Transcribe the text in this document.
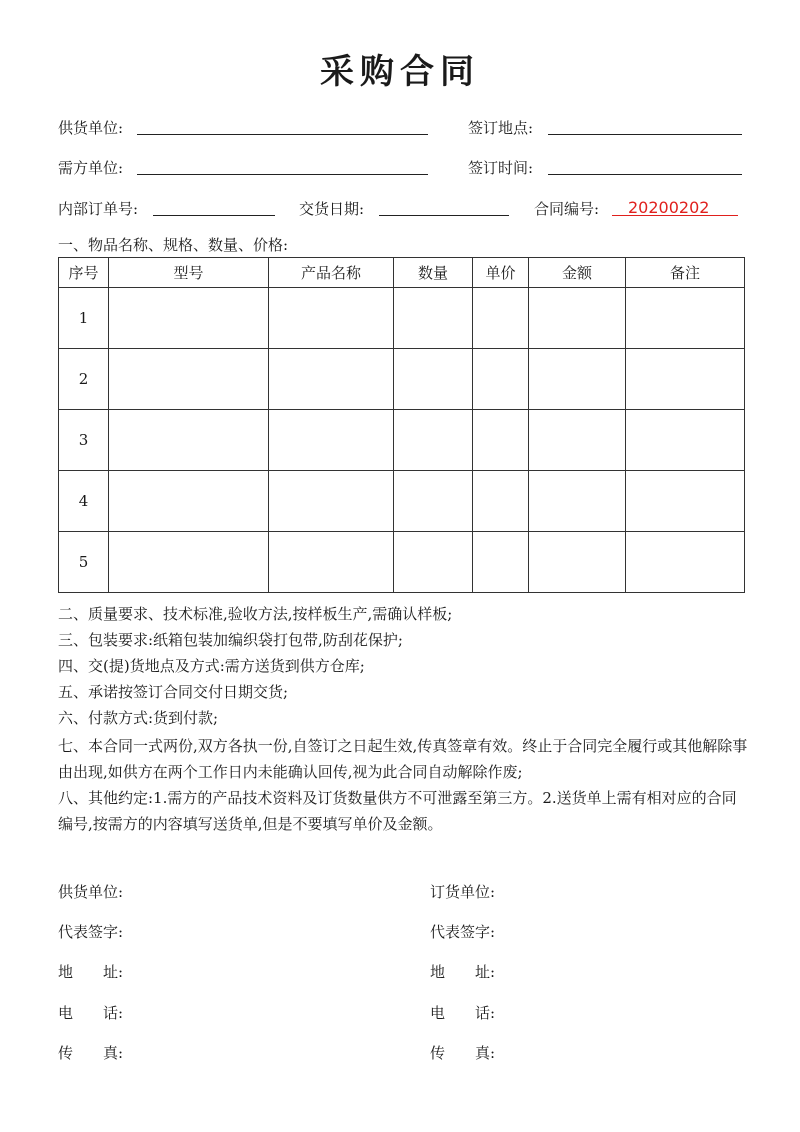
采购合同
供货单位:	签订地点:
需方单位:	签订时间:
内部订单号:	交货日期:	合同编号: 20200202
一、物品名称、规格、数量、价格:
序号	型号	产品名称	数量	单价	金额	备注
1						
2						
3						
4						
5						
二、质量要求、技术标准,验收方法,按样板生产,需确认样板;
三、包装要求:纸箱包装加编织袋打包带,防刮花保护;
四、交(提)货地点及方式:需方送货到供方仓库;
五、承诺按签订合同交付日期交货;
六、付款方式:货到付款;
七、本合同一式两份,双方各执一份,自签订之日起生效,传真签章有效。终止于合同完全履行或其他解除事由出现,如供方在两个工作日内未能确认回传,视为此合同自动解除作废;
八、其他约定:1.需方的产品技术资料及订货数量供方不可泄露至第三方。2.送货单上需有相对应的合同编号,按需方的内容填写送货单,但是不要填写单价及金额。
供货单位:
代表签字:
地　　址:
电　　话:
传　　真:
订货单位:
代表签字:
地　　址:
电　　话:
传　　真:
